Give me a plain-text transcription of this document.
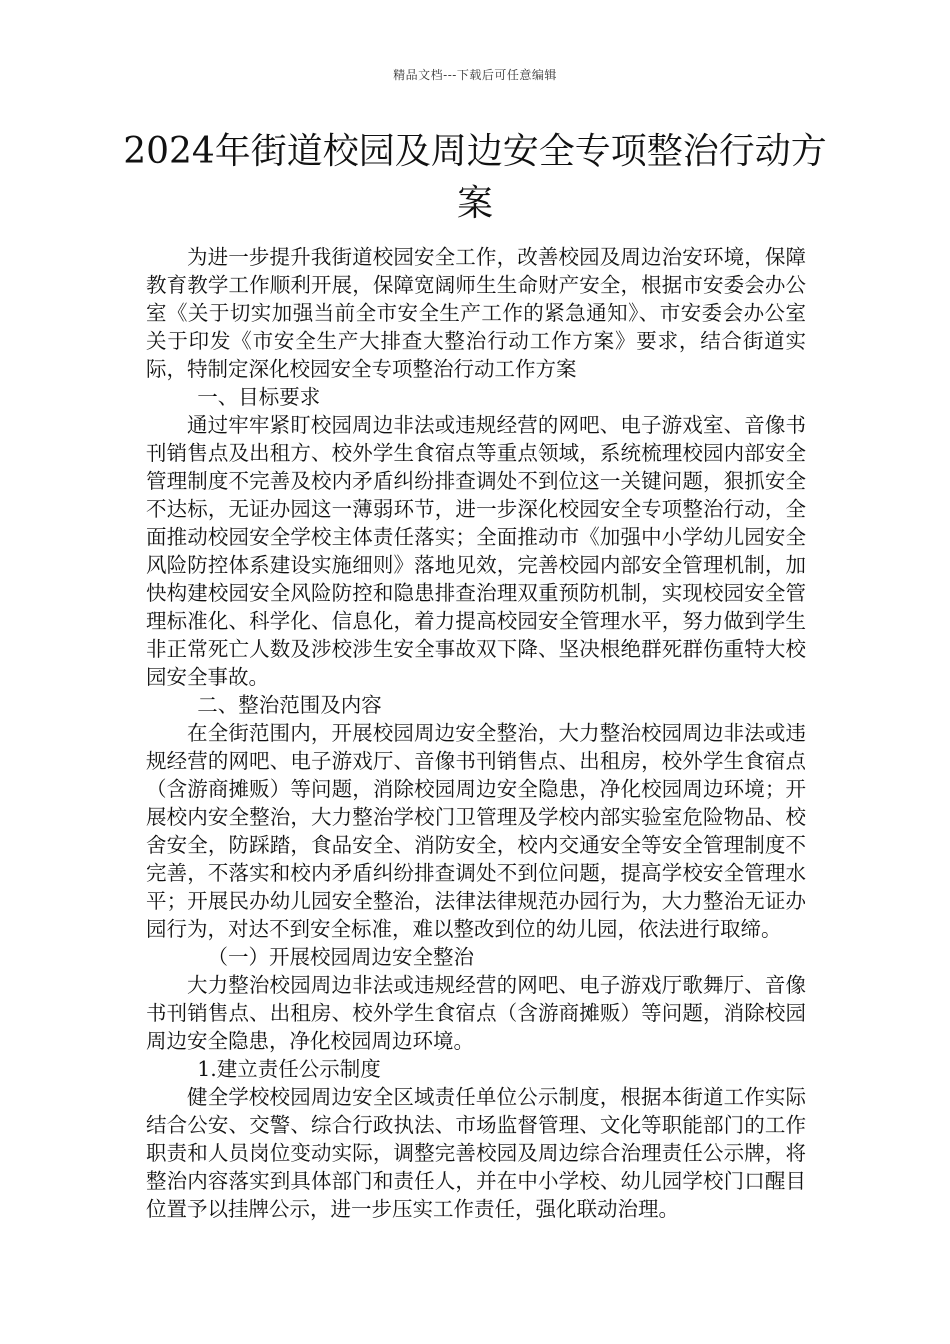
精品文档---下载后可任意编辑
2024年街道校园及周边安全专项整治行动方案

为进一步提升我街道校园安全工作，改善校园及周边治安环境，保障教育教学工作顺利开展，保障宽阔师生生命财产安全，根据市安委会办公室《关于切实加强当前全市安全生产工作的紧急通知》、市安委会办公室关于印发《市安全生产大排查大整治行动工作方案》要求，结合街道实际，特制定深化校园安全专项整治行动工作方案

一、目标要求

通过牢牢紧盯校园周边非法或违规经营的网吧、电子游戏室、音像书刊销售点及出租方、校外学生食宿点等重点领域，系统梳理校园内部安全管理制度不完善及校内矛盾纠纷排查调处不到位这一关键问题，狠抓安全不达标，无证办园这一薄弱环节，进一步深化校园安全专项整治行动，全面推动校园安全学校主体责任落实；全面推动市《加强中小学幼儿园安全风险防控体系建设实施细则》落地见效，完善校园内部安全管理机制，加快构建校园安全风险防控和隐患排查治理双重预防机制，实现校园安全管理标准化、科学化、信息化，着力提高校园安全管理水平，努力做到学生非正常死亡人数及涉校涉生安全事故双下降、坚决根绝群死群伤重特大校园安全事故。

二、整治范围及内容

在全街范围内，开展校园周边安全整治，大力整治校园周边非法或违规经营的网吧、电子游戏厅、音像书刊销售点、出租房，校外学生食宿点（含游商摊贩）等问题，消除校园周边安全隐患，净化校园周边环境；开展校内安全整治，大力整治学校门卫管理及学校内部实验室危险物品、校舍安全，防踩踏，食品安全、消防安全，校内交通安全等安全管理制度不完善，不落实和校内矛盾纠纷排查调处不到位问题，提高学校安全管理水平；开展民办幼儿园安全整治，法律法律规范办园行为，大力整治无证办园行为，对达不到安全标准，难以整改到位的幼儿园，依法进行取缔。

（一）开展校园周边安全整治

大力整治校园周边非法或违规经营的网吧、电子游戏厅歌舞厅、音像书刊销售点、出租房、校外学生食宿点（含游商摊贩）等问题，消除校园周边安全隐患，净化校园周边环境。

1.建立责任公示制度

健全学校校园周边安全区域责任单位公示制度，根据本街道工作实际结合公安、交警、综合行政执法、市场监督管理、文化等职能部门的工作职责和人员岗位变动实际，调整完善校园及周边综合治理责任公示牌，将整治内容落实到具体部门和责任人，并在中小学校、幼儿园学校门口醒目位置予以挂牌公示，进一步压实工作责任，强化联动治理。
